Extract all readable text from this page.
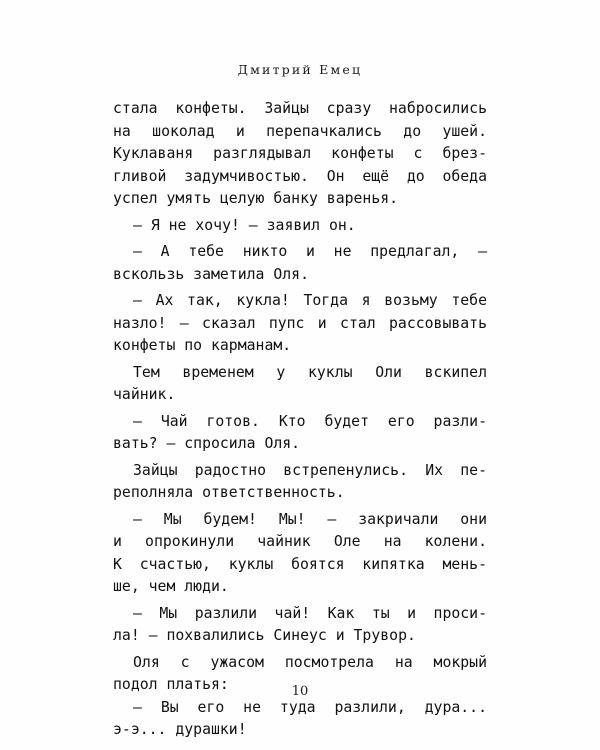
Дмитрий Емец
стала конфеты. Зайцы сразу набросились
на шоколад и перепачкались до ушей.
Куклаваня разглядывал конфеты с брез-
гливой задумчивостью. Он ещё до обеда
успел умять целую банку варенья.
— Я не хочу! — заявил он.
— А тебе никто и не предлагал, —
вскользь заметила Оля.
— Ах так, кукла! Тогда я возьму тебе
назло! — сказал пупс и стал рассовывать
конфеты по карманам.
Тем временем у куклы Оли вскипел
чайник.
— Чай готов. Кто будет его разли-
вать? — спросила Оля.
Зайцы радостно встрепенулись. Их пе-
реполняла ответственность.
— Мы будем! Мы! — закричали они
и опрокинули чайник Оле на колени.
К счастью, куклы боятся кипятка мень-
ше, чем люди.
— Мы разлили чай! Как ты и проси-
ла! — похвалились Синеус и Трувор.
Оля с ужасом посмотрела на мокрый
подол платья:
— Вы его не туда разлили, дура...
э-э... дурашки!
10
